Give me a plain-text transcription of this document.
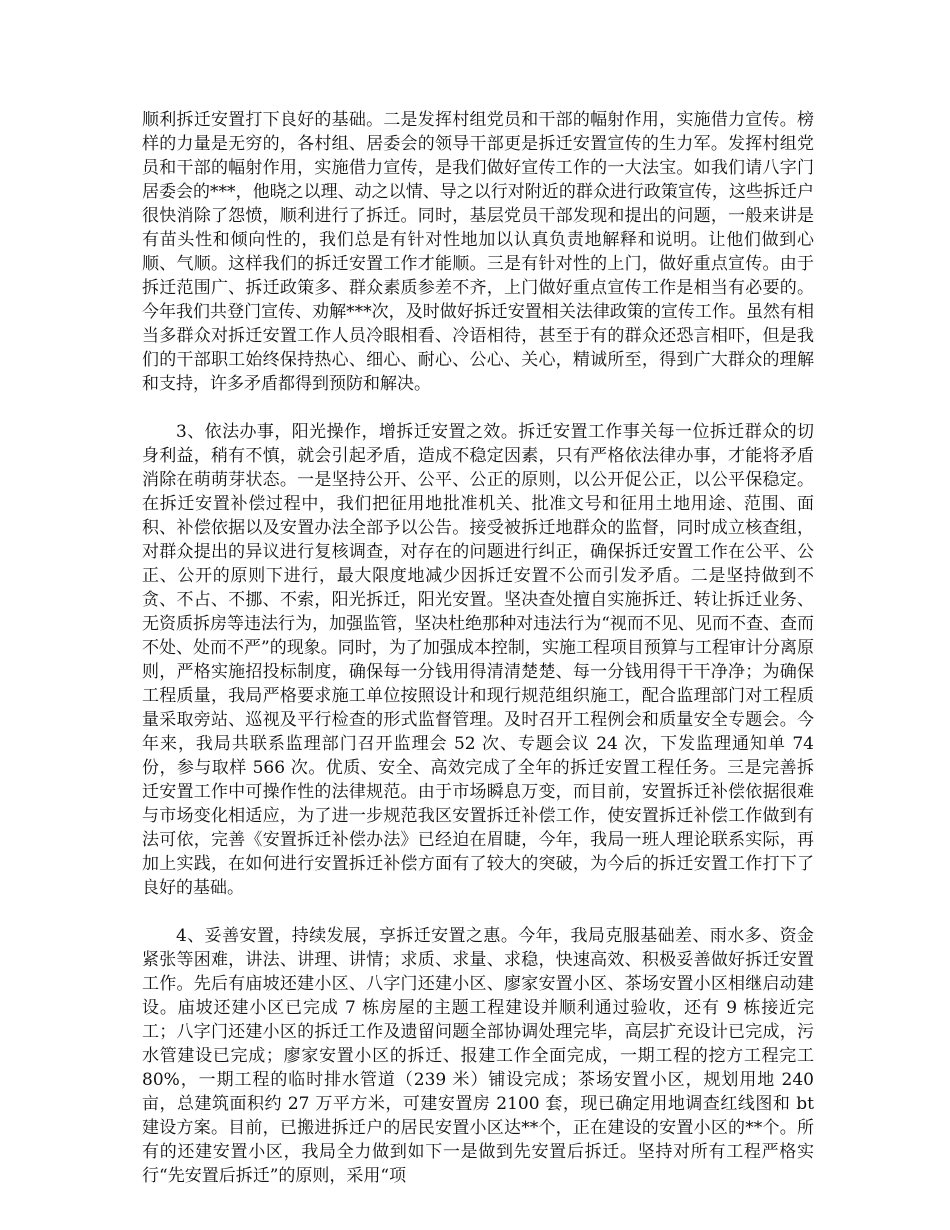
顺利拆迁安置打下良好的基础。二是发挥村组党员和干部的幅射作用，实施借力宣传。榜样的力量是无穷的，各村组、居委会的领导干部更是拆迁安置宣传的生力军。发挥村组党员和干部的幅射作用，实施借力宣传，是我们做好宣传工作的一大法宝。如我们请八字门居委会的***，他晓之以理、动之以情、导之以行对附近的群众进行政策宣传，这些拆迁户很快消除了怨愤，顺利进行了拆迁。同时，基层党员干部发现和提出的问题，一般来讲是有苗头性和倾向性的，我们总是有针对性地加以认真负责地解释和说明。让他们做到心顺、气顺。这样我们的拆迁安置工作才能顺。三是有针对性的上门，做好重点宣传。由于拆迁范围广、拆迁政策多、群众素质参差不齐，上门做好重点宣传工作是相当有必要的。今年我们共登门宣传、劝解***次，及时做好拆迁安置相关法律政策的宣传工作。虽然有相当多群众对拆迁安置工作人员冷眼相看、冷语相待，甚至于有的群众还恐言相吓，但是我们的干部职工始终保持热心、细心、耐心、公心、关心，精诚所至，得到广大群众的理解和支持，许多矛盾都得到预防和解决。

3、依法办事，阳光操作，增拆迁安置之效。拆迁安置工作事关每一位拆迁群众的切身利益，稍有不慎，就会引起矛盾，造成不稳定因素，只有严格依法律办事，才能将矛盾消除在萌萌芽状态。一是坚持公开、公平、公正的原则，以公开促公正，以公平保稳定。在拆迁安置补偿过程中，我们把征用地批准机关、批准文号和征用土地用途、范围、面积、补偿依据以及安置办法全部予以公告。接受被拆迁地群众的监督，同时成立核查组，对群众提出的异议进行复核调查，对存在的问题进行纠正，确保拆迁安置工作在公平、公正、公开的原则下进行，最大限度地减少因拆迁安置不公而引发矛盾。二是坚持做到不贪、不占、不挪、不索，阳光拆迁，阳光安置。坚决查处擅自实施拆迁、转让拆迁业务、无资质拆房等违法行为，加强监管，坚决杜绝那种对违法行为“视而不见、见而不查、查而不处、处而不严”的现象。同时，为了加强成本控制，实施工程项目预算与工程审计分离原则，严格实施招投标制度，确保每一分钱用得清清楚楚、每一分钱用得干干净净；为确保工程质量，我局严格要求施工单位按照设计和现行规范组织施工，配合监理部门对工程质量采取旁站、巡视及平行检查的形式监督管理。及时召开工程例会和质量安全专题会。今年来，我局共联系监理部门召开监理会 52 次、专题会议 24 次，下发监理通知单 74 份，参与取样 566 次。优质、安全、高效完成了全年的拆迁安置工程任务。三是完善拆迁安置工作中可操作性的法律规范。由于市场瞬息万变，而目前，安置拆迁补偿依据很难与市场变化相适应，为了进一步规范我区安置拆迁补偿工作，使安置拆迁补偿工作做到有法可依，完善《安置拆迁补偿办法》已经迫在眉睫，今年，我局一班人理论联系实际，再加上实践，在如何进行安置拆迁补偿方面有了较大的突破，为今后的拆迁安置工作打下了良好的基础。

4、妥善安置，持续发展，享拆迁安置之惠。今年，我局克服基础差、雨水多、资金紧张等困难，讲法、讲理、讲情；求质、求量、求稳，快速高效、积极妥善做好拆迁安置工作。先后有庙坡还建小区、八字门还建小区、廖家安置小区、茶场安置小区相继启动建设。庙坡还建小区已完成 7 栋房屋的主题工程建设并顺利通过验收，还有 9 栋接近完工；八字门还建小区的拆迁工作及遗留问题全部协调处理完毕，高层扩充设计已完成，污水管建设已完成；廖家安置小区的拆迁、报建工作全面完成，一期工程的挖方工程完工 80%，一期工程的临时排水管道（239 米）铺设完成；茶场安置小区，规划用地 240 亩，总建筑面积约 27 万平方米，可建安置房 2100 套，现已确定用地调查红线图和 bt 建设方案。目前，已搬进拆迁户的居民安置小区达**个，正在建设的安置小区的**个。所有的还建安置小区，我局全力做到如下一是做到先安置后拆迁。坚持对所有工程严格实行“先安置后拆迁”的原则，采用“项
